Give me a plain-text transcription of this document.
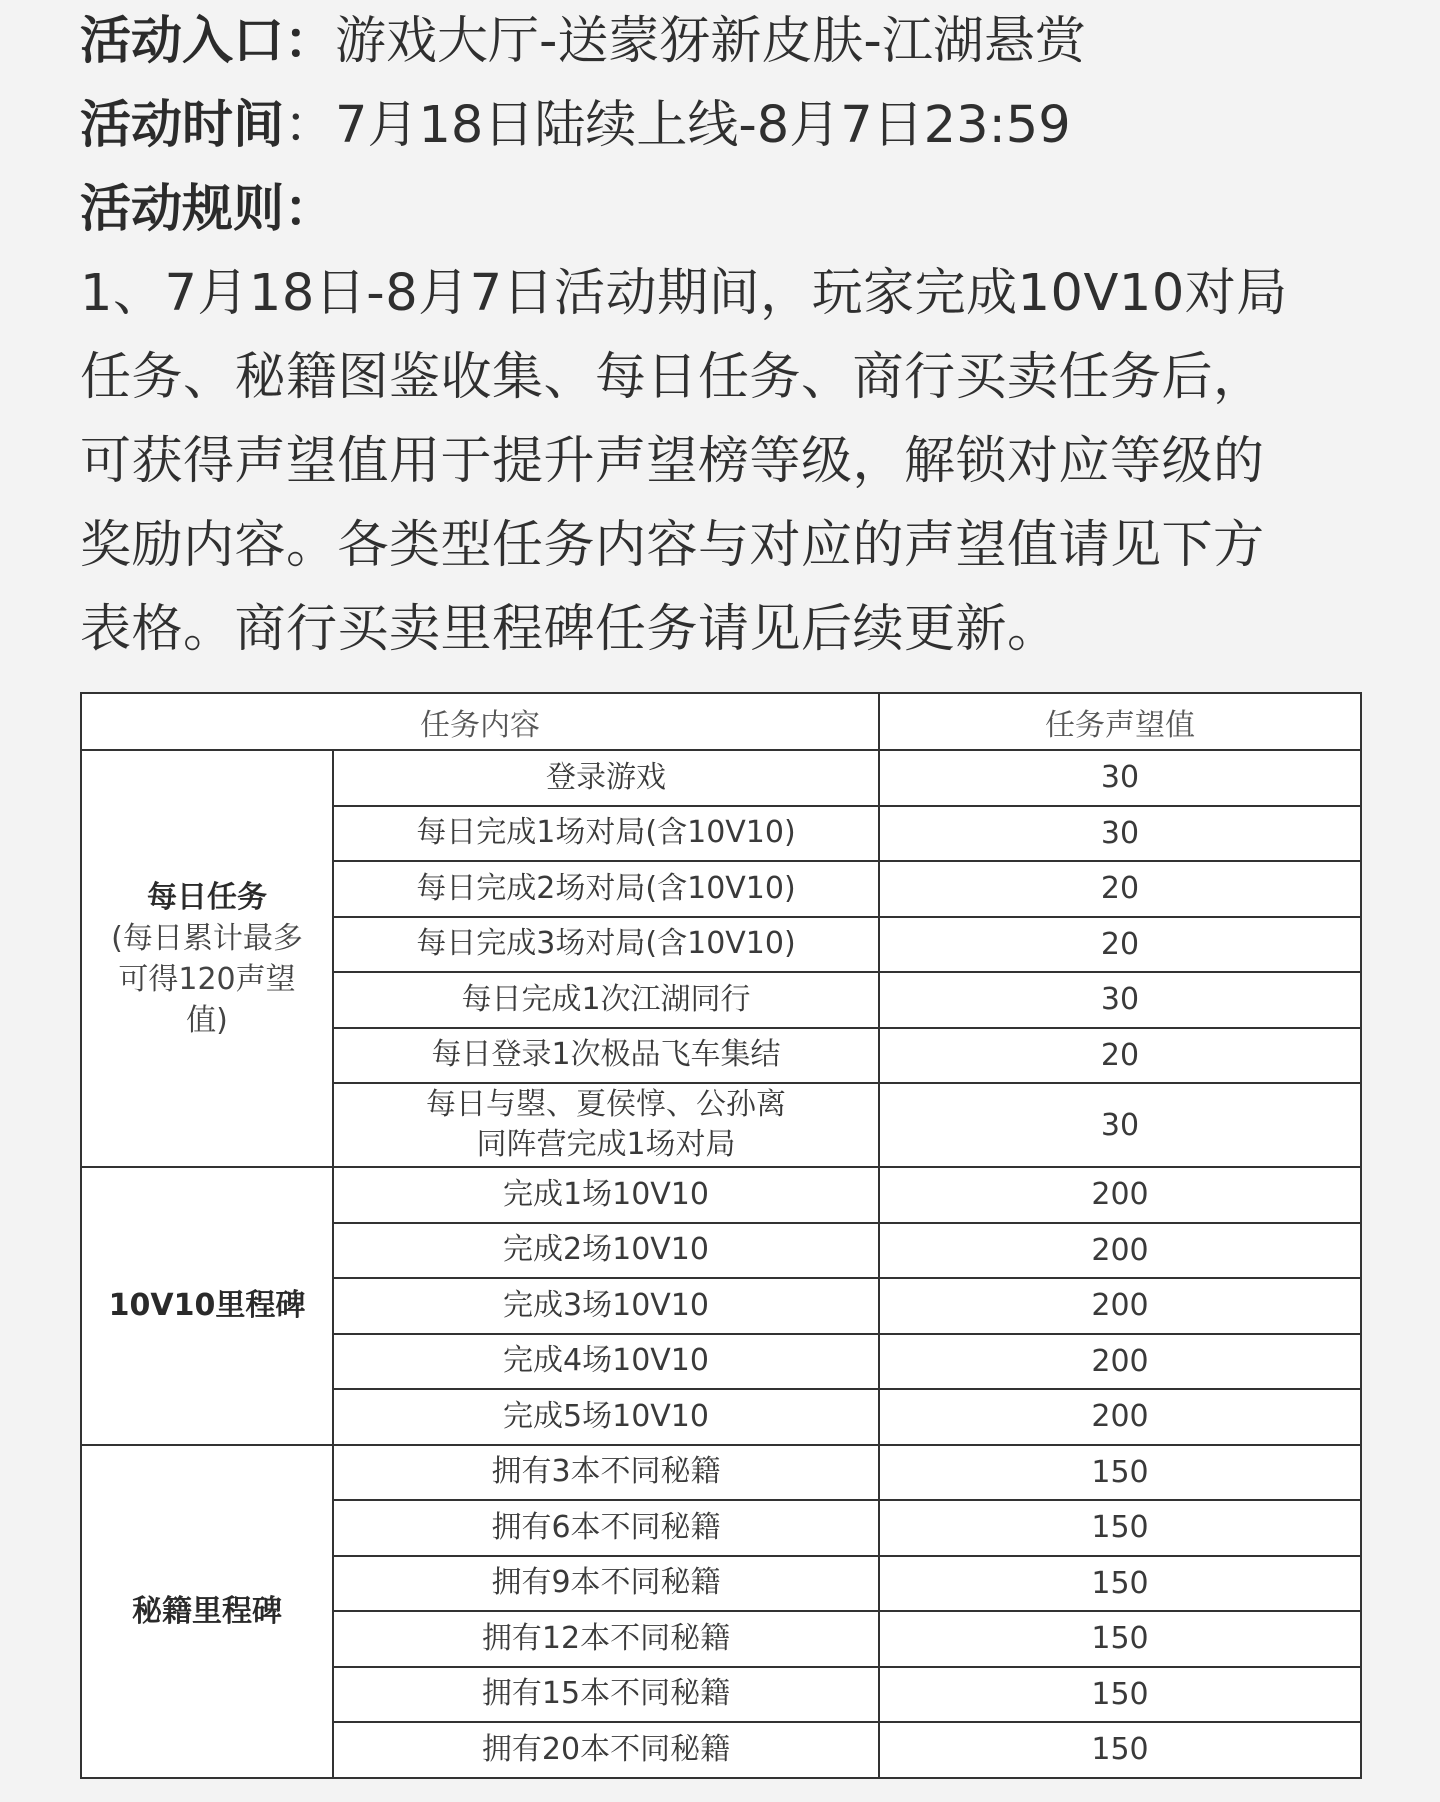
活动入口：游戏大厅-送蒙犽新皮肤-江湖悬赏
活动时间：7月18日陆续上线-8月7日23:59
活动规则：

1、7月18日-8月7日活动期间，玩家完成10V10对局

任务、秘籍图鉴收集、每日任务、商行买卖任务后，

可获得声望值用于提升声望榜等级，解锁对应等级的

奖励内容。各类型任务内容与对应的声望值请见下方

表格。商行买卖里程碑任务请见后续更新。

任务内容		任务声望值

每日任务
(每日累计最多可得120声望值)	登录游戏	30
	每日完成1场对局(含10V10)	30
	每日完成2场对局(含10V10)	20
	每日完成3场对局(含10V10)	20
	每日完成1次江湖同行	30
	每日登录1次极品飞车集结	20

	每日与曌、夏侯惇、公孙离
同阵营完成1场对局	30

10V10里程碑	完成1场10V10	200
	完成2场10V10	200
	完成3场10V10	200
	完成4场10V10	200
	完成5场10V10	200

秘籍里程碑	拥有3本不同秘籍	150
	拥有6本不同秘籍	150
	拥有9本不同秘籍	150
	拥有12本不同秘籍	150
	拥有15本不同秘籍	150
	拥有20本不同秘籍	150
